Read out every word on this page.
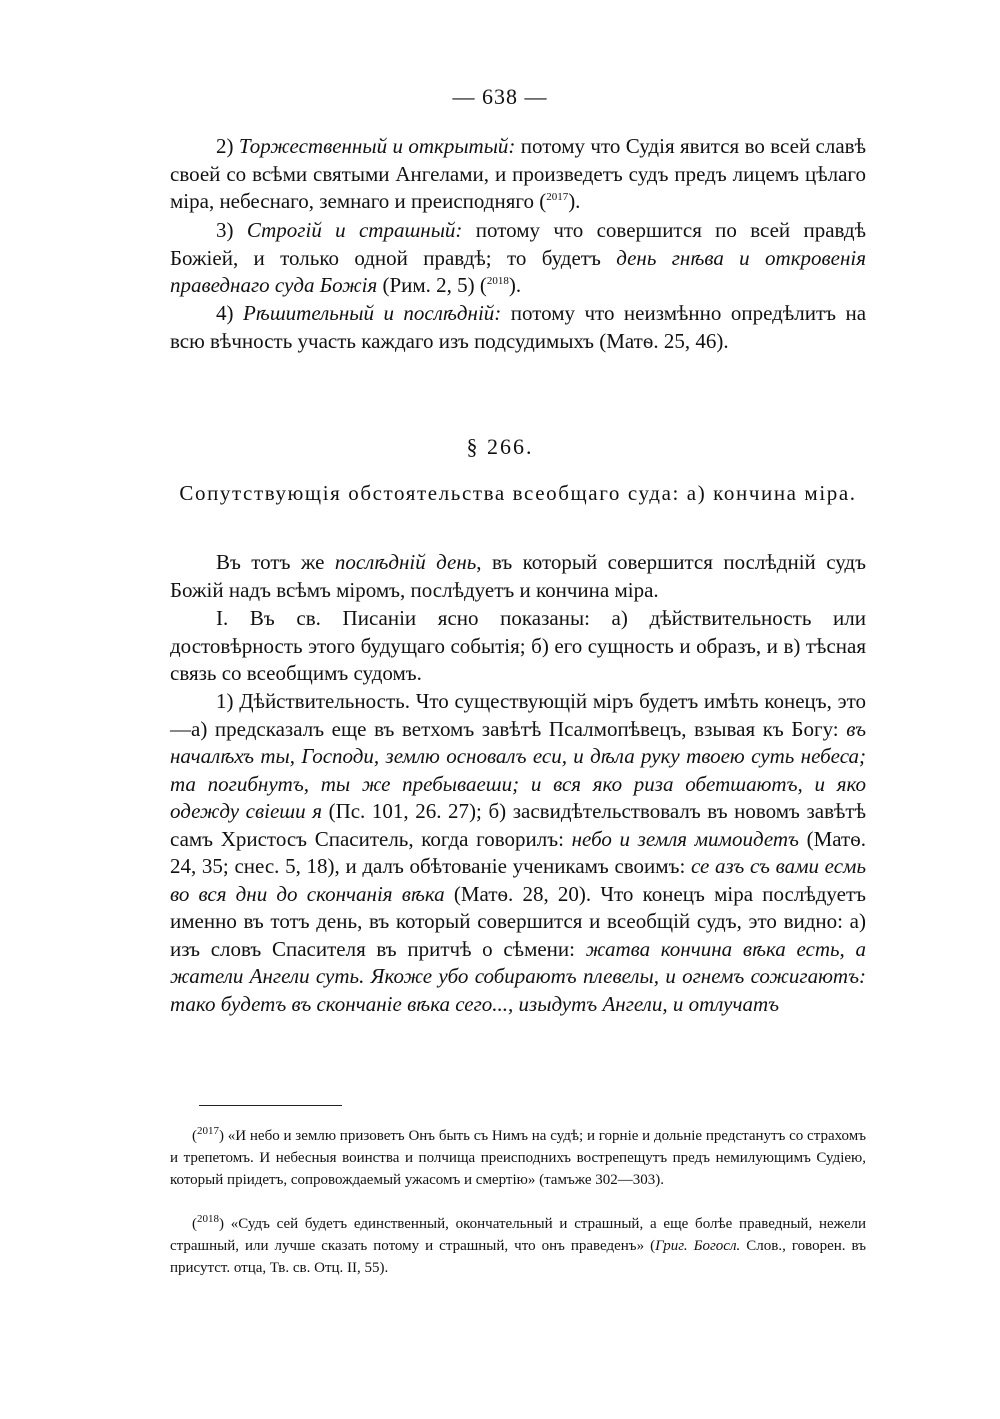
— 638 —
2) Торжественный и открытый: потому что Судія явится во всей славѣ своей со всѣми святыми Ангелами, и произведетъ судъ предъ лицемъ цѣлаго міра, небеснаго, земнаго и преисподняго ($^{2017}$).
3) Строгій и страшный: потому что совершится по всей правдѣ Божіей, и только одной правдѣ; то будетъ день гнѣва и откровенія праведнаго суда Божія (Рим. 2, 5) ($^{2018}$).
4) Рѣшительный и послѣдній: потому что неизмѣнно опредѣлитъ на всю вѣчность участь каждаго изъ подсудимыхъ (Матѳ. 25, 46).
§ 266.
Сопутствующія обстоятельства всеобщаго суда: а) кончина міра.
Въ тотъ же послѣдній день, въ который совершится послѣдній судъ Божій надъ всѣмъ міромъ, послѣдуетъ и кончина міра.
I. Въ св. Писаніи ясно показаны: а) дѣйствительность или достовѣрность этого будущаго событія; б) его сущность и образъ, и в) тѣсная связь со всеобщимъ судомъ.
1) Дѣйствительность. Что существующій міръ будетъ имѣть конецъ, это—а) предсказалъ еще въ ветхомъ завѣтѣ Псалмопѣвецъ, взывая къ Богу: въ началѣхъ ты, Господи, землю основалъ еси, и дѣла руку твоею суть небеса; та погибнутъ, ты же пребываеши; и вся яко риза обетшаютъ, и яко одежду свіеши я (Пс. 101, 26. 27); б) засвидѣтельствовалъ въ новомъ завѣтѣ самъ Христосъ Спаситель, когда говорилъ: небо и земля мимоидетъ (Матѳ. 24, 35; снес. 5, 18), и далъ обѣтованіе ученикамъ своимъ: се азъ съ вами есмь во вся дни до скончанія вѣка (Матѳ. 28, 20). Что конецъ міра послѣдуетъ именно въ тотъ день, въ который совершится и всеобщій судъ, это видно: а) изъ словъ Спасителя въ притчѣ о сѣмени: жатва кончина вѣка есть, а жатели Ангели суть. Якоже убо собираютъ плевелы, и огнемъ сожигаютъ: тако будетъ въ скончаніе вѣка сего..., изыдутъ Ангели, и отлучатъ
($^{2017}$) «И небо и землю призоветъ Онъ быть съ Нимъ на судѣ; и горніе и дольніе предстанутъ со страхомъ и трепетомъ. И небесныя воинства и полчища преисподнихъ вострепещутъ предъ немилующимъ Судіею, который пріидетъ, сопровождаемый ужасомъ и смертію» (тамъже 302—303).
($^{2018}$) «Судъ сей будетъ единственный, окончательный и страшный, а еще болѣе праведный, нежели страшный, или лучше сказать потому и страшный, что онъ праведенъ» (Григ. Богосл. Слов., говорен. въ присутст. отца, Тв. св. Отц. II, 55).
